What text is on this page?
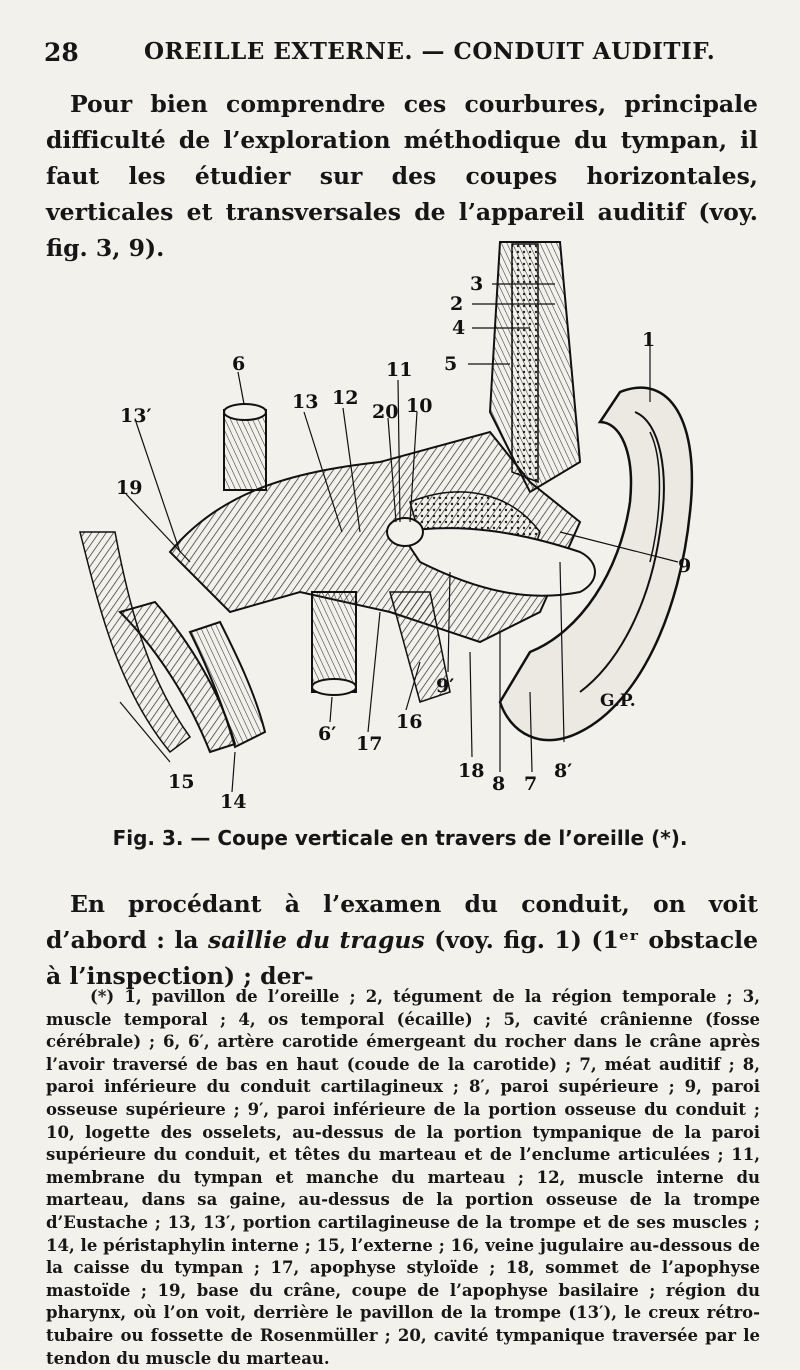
28	OREILLE EXTERNE. — CONDUIT AUDITIF.

Pour bien comprendre ces courbures, principale difficulté de l’exploration méthodique du tympan, il faut les étudier sur des coupes horizontales, verticales et transversales de l’appareil auditif (voy. fig. 3, 9).

3
2
4
5
1
6	11
13′
13 12
20 10
19
9
9′
6′ 17
16
15
14
18
8 7
8′
G.P.
Fig. 3. — Coupe verticale en travers de l’oreille (*).

En procédant à l’examen du conduit, on voit d’abord : la saillie du tragus (voy. fig. 1) (1ᵉʳ obstacle à l’inspection) ; der-

(*) 1, pavillon de l’oreille ; 2, tégument de la région temporale ; 3, muscle temporal ; 4, os temporal (écaille) ; 5, cavité crânienne (fosse cérébrale) ; 6, 6′, artère carotide émergeant du rocher dans le crâne après l’avoir traversé de bas en haut (coude de la carotide) ; 7, méat auditif ; 8, paroi inférieure du conduit cartilagineux ; 8′, paroi supérieure ; 9, paroi osseuse supérieure ; 9′, paroi inférieure de la portion osseuse du conduit ; 10, logette des osselets, au-dessus de la portion tympanique de la paroi supérieure du conduit, et têtes du marteau et de l’enclume articulées ; 11, membrane du tympan et manche du marteau ; 12, muscle interne du marteau, dans sa gaine, au-dessus de la portion osseuse de la trompe d’Eustache ; 13, 13′, portion cartilagineuse de la trompe et de ses muscles ; 14, le péristaphylin interne ; 15, l’externe ; 16, veine jugulaire au-dessous de la caisse du tympan ; 17, apophyse styloïde ; 18, sommet de l’apophyse mastoïde ; 19, base du crâne, coupe de l’apophyse basilaire ; région du pharynx, où l’on voit, derrière le pavillon de la trompe (13′), le creux rétro-tubaire ou fossette de Rosenmüller ; 20, cavité tympanique traversée par le tendon du muscle du marteau.
